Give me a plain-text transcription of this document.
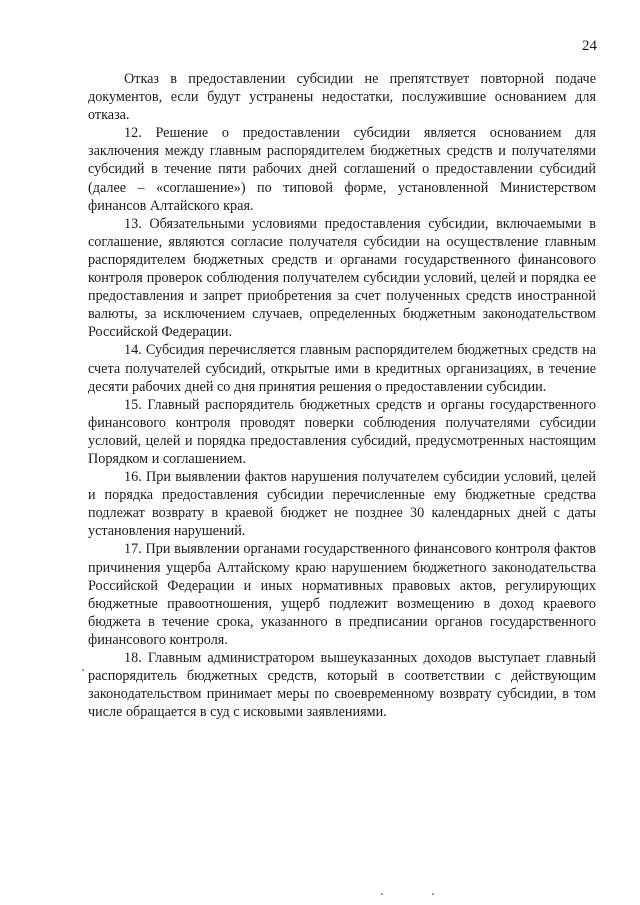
24

Отказ в предоставлении субсидии не препятствует повторной подаче документов, если будут устранены недостатки, послужившие основанием для отказа.

12. Решение о предоставлении субсидии является основанием для заключения между главным распорядителем бюджетных средств и получателями субсидий в течение пяти рабочих дней соглашений о предоставлении субсидий (далее – «соглашение») по типовой форме, установленной Министерством финансов Алтайского края.

13. Обязательными условиями предоставления субсидии, включаемыми в соглашение, являются согласие получателя субсидии на осуществление главным распорядителем бюджетных средств и органами государственного финансового контроля проверок соблюдения получателем субсидии условий, целей и порядка ее предоставления и запрет приобретения за счет полученных средств иностранной валюты, за исключением случаев, определенных бюджетным законодательством Российской Федерации.

14. Субсидия перечисляется главным распорядителем бюджетных средств на счета получателей субсидий, открытые ими в кредитных организациях, в течение десяти рабочих дней со дня принятия решения о предоставлении субсидии.

15. Главный распорядитель бюджетных средств и органы государственного финансового контроля проводят поверки соблюдения получателями субсидии условий, целей и порядка предоставления субсидий, предусмотренных настоящим Порядком и соглашением.

16. При выявлении фактов нарушения получателем субсидии условий, целей и порядка предоставления субсидии перечисленные ему бюджетные средства подлежат возврату в краевой бюджет не позднее 30 календарных дней с даты установления нарушений.

17. При выявлении органами государственного финансового контроля фактов причинения ущерба Алтайскому краю нарушением бюджетного законодательства Российской Федерации и иных нормативных правовых актов, регулирующих бюджетные правоотношения, ущерб подлежит возмещению в доход краевого бюджета в течение срока, указанного в предписании органов государственного финансового контроля.

18. Главным администратором вышеуказанных доходов выступает главный распорядитель бюджетных средств, который в соответствии с действующим законодательством принимает меры по своевременному возврату субсидии, в том числе обращается в суд с исковыми заявлениями.
